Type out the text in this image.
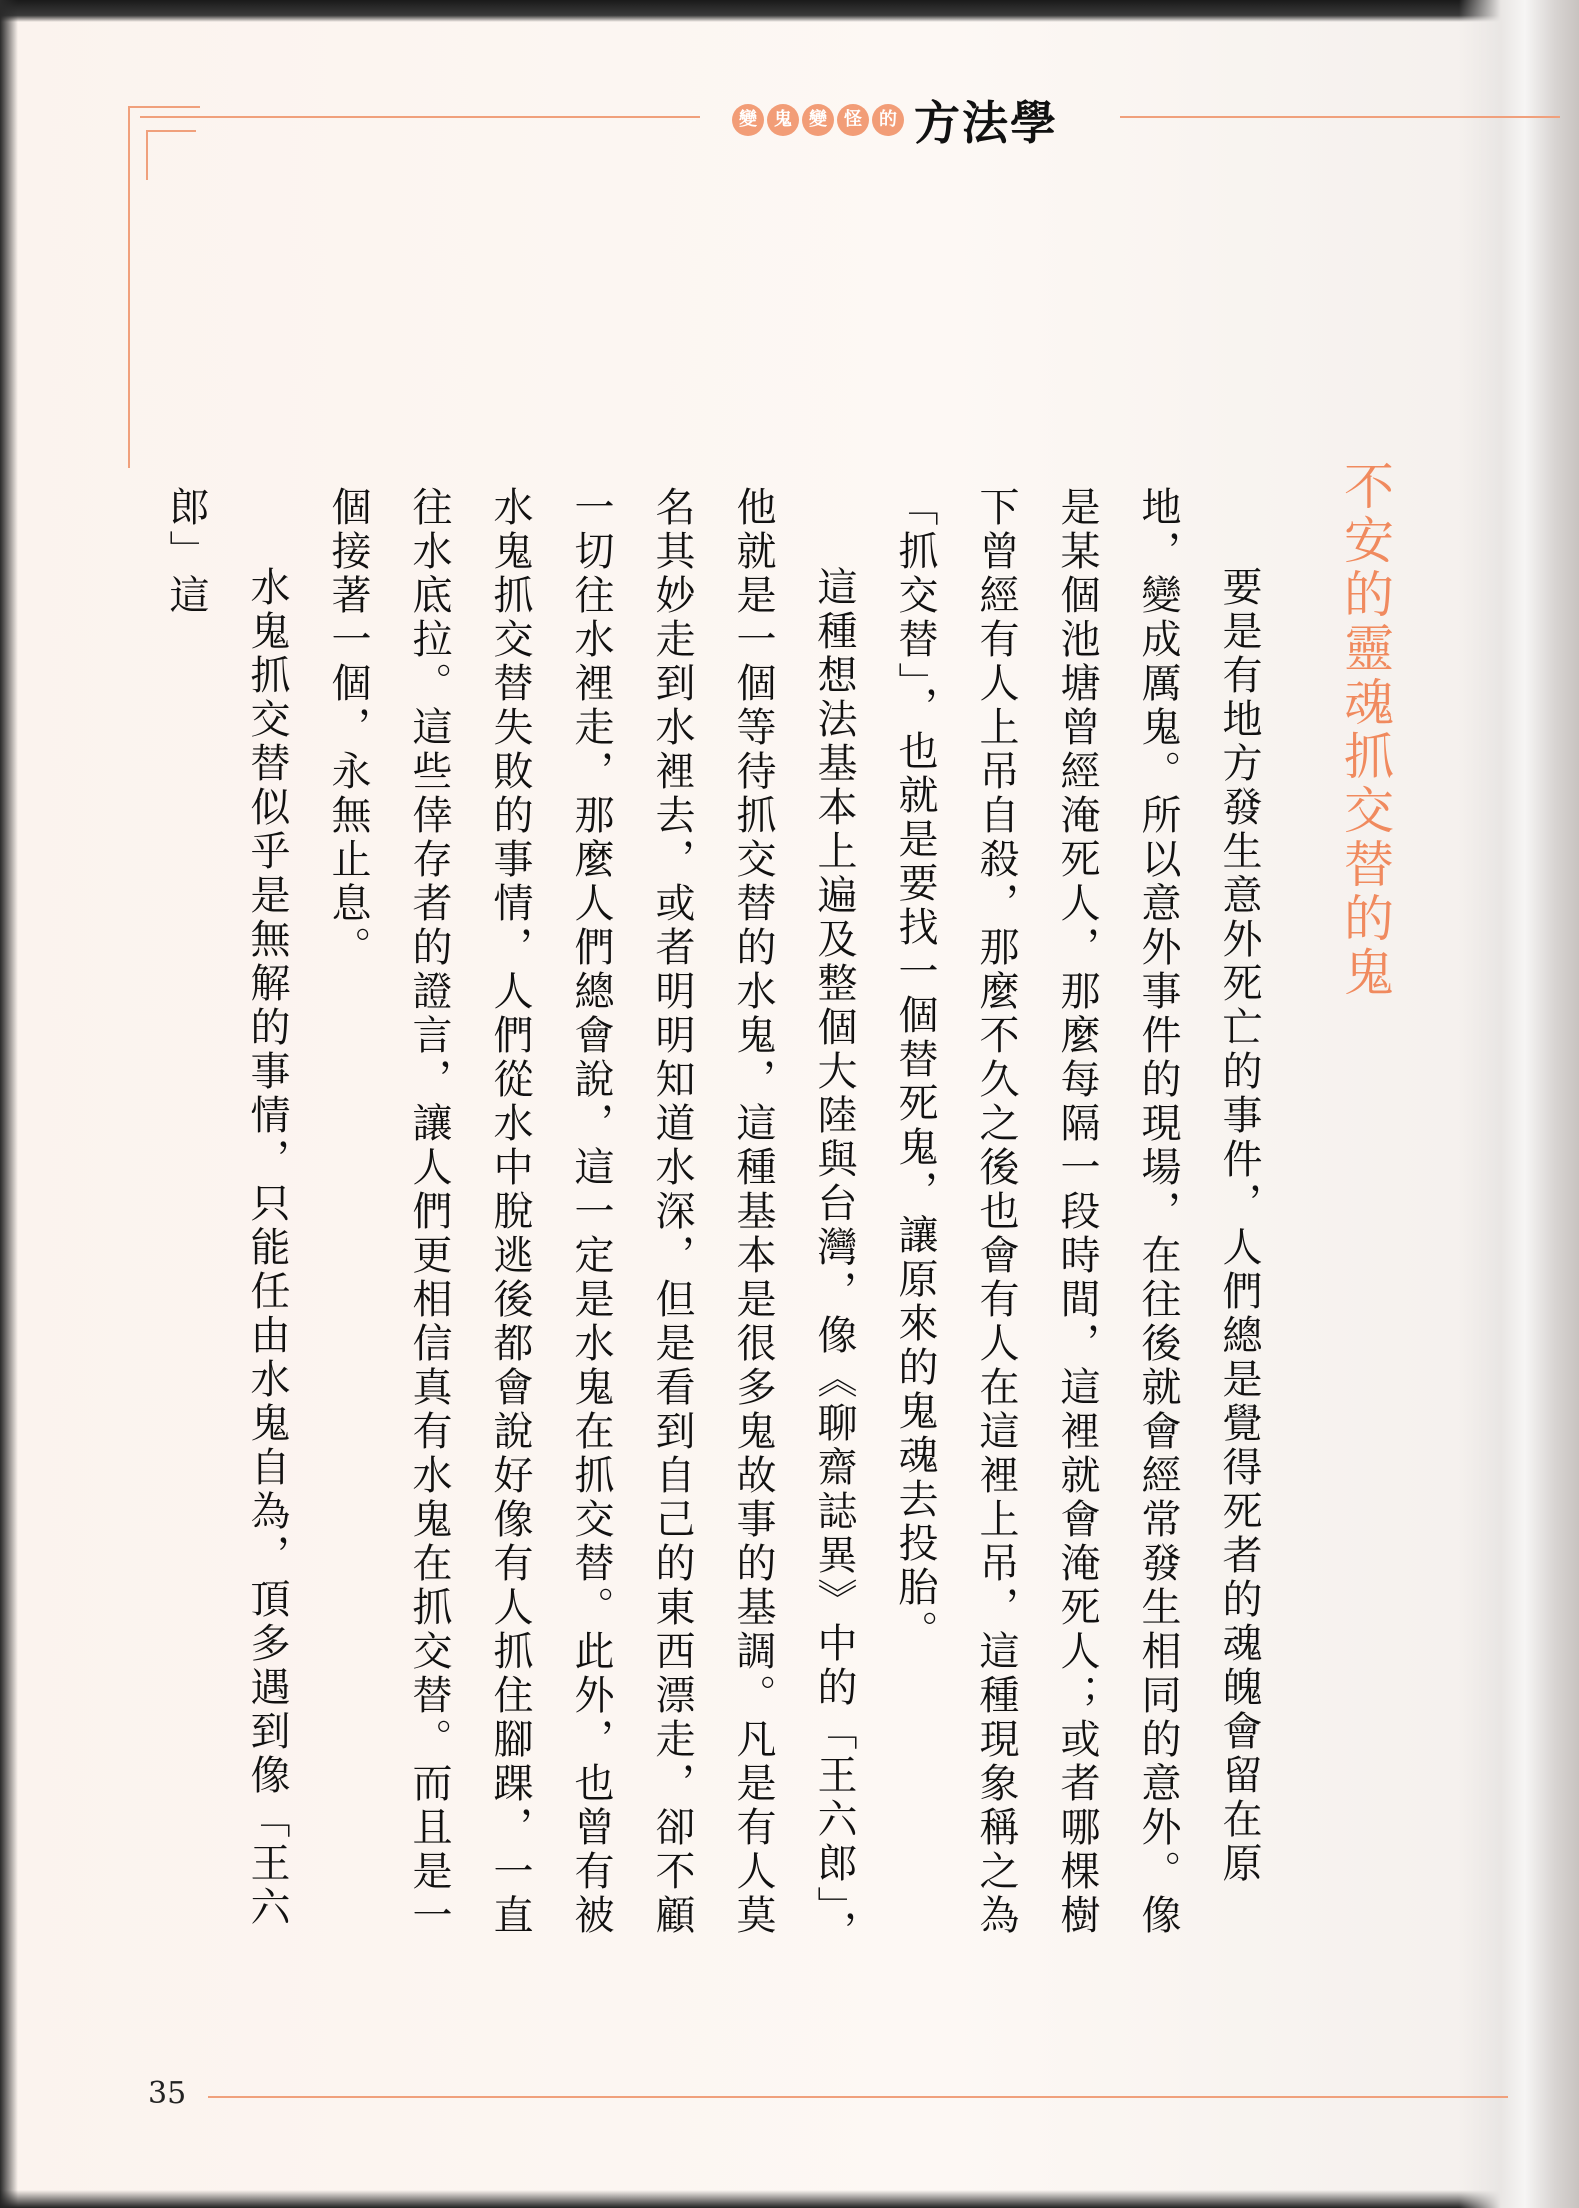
變 鬼 變 怪 的 方法學
不安的靈魂抓交替的鬼

要是有地方發生意外死亡的事件，人們總是覺得死者的魂魄會留在原地，變成厲鬼。所以意外事件的現場，在往後就會經常發生相同的意外。像是某個池塘曾經淹死人，那麼每隔一段時間，這裡就會淹死人；或者哪棵樹下曾經有人上吊自殺，那麼不久之後也會有人在這裡上吊，這種現象稱之為「抓交替」，也就是要找一個替死鬼，讓原來的鬼魂去投胎。

這種想法基本上遍及整個大陸與台灣，像《聊齋誌異》中的「王六郎」，他就是一個等待抓交替的水鬼，這種基本是很多鬼故事的基調。凡是有人莫名其妙走到水裡去，或者明明知道水深，但是看到自己的東西漂走，卻不顧一切往水裡走，那麼人們總會說，這一定是水鬼在抓交替。此外，也曾有被水鬼抓交替失敗的事情，人們從水中脫逃後都會說好像有人抓住腳踝，一直往水底拉。這些倖存者的證言，讓人們更相信真有水鬼在抓交替。而且是一個接著一個，永無止息。

水鬼抓交替似乎是無解的事情，只能任由水鬼自為，頂多遇到像「王六郎」這

35
